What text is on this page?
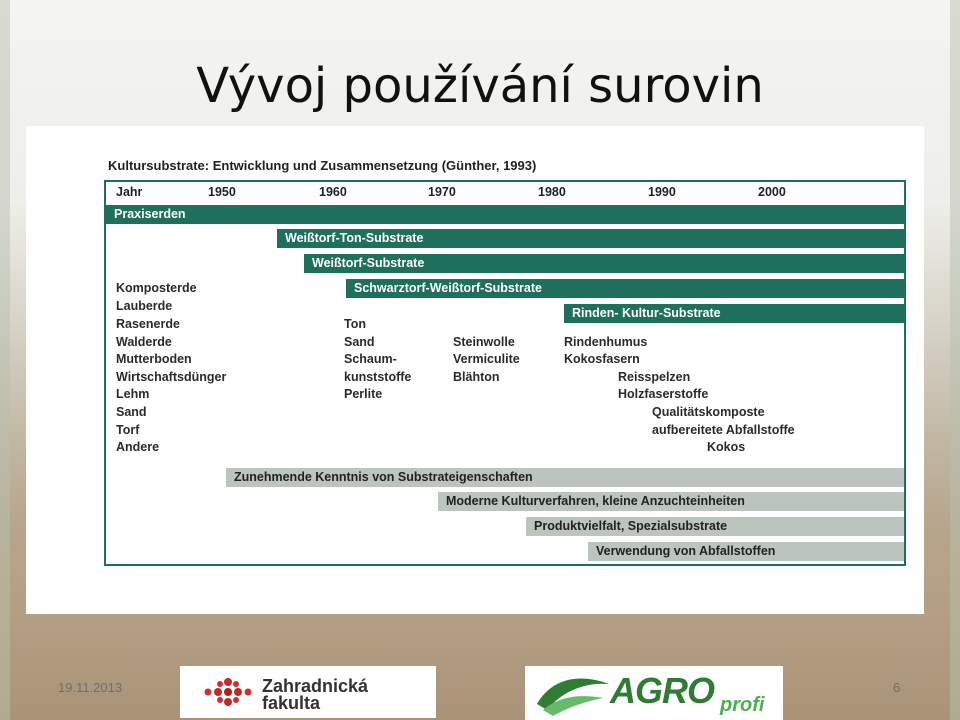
Vývoj používání surovin
Kultursubstrate: Entwicklung und Zusammensetzung (Günther, 1993)
Jahr	1950	1960	1970	1980	1990	2000
Praxiserden
Weißtorf-Ton-Substrate
Weißtorf-Substrate
Schwarztorf-Weißtorf-Substrate
Rinden- Kultur-Substrate
Komposterde
Lauberde
Rasenerde
Walderde
Mutterboden
Wirtschaftsdünger
Lehm
Sand
Torf
Andere
Ton
Sand
Schaum-
kunststoffe
Perlite
Steinwolle
Vermiculite
Blähton
Rindenhumus
Kokosfasern
Reisspelzen
Holzfaserstoffe
Qualitätskomposte
aufbereitete Abfallstoffe
Kokos
Zunehmende Kenntnis von Substrateigenschaften
Moderne Kulturverfahren, kleine Anzuchteinheiten
Produktvielfalt, Spezialsubstrate
Verwendung von Abfallstoffen
19.11.2013	6
Zahradnická
fakulta	AGRO profi
